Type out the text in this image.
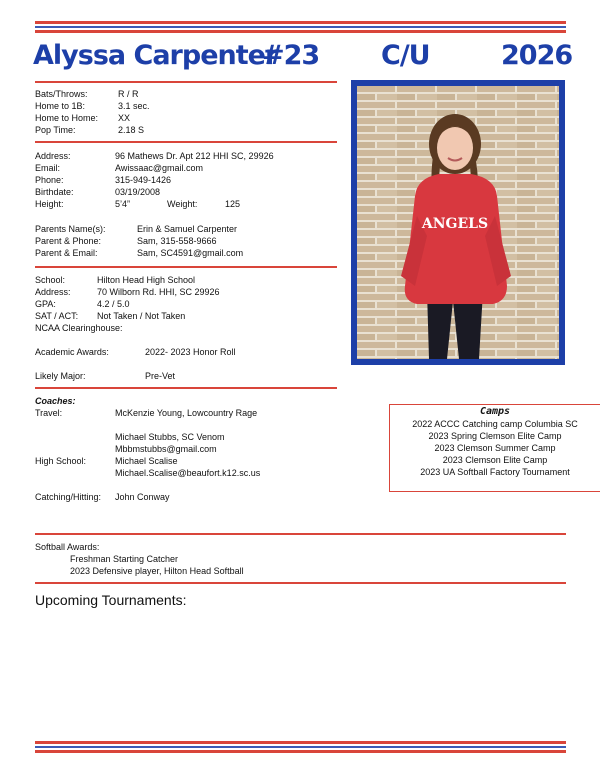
Alyssa Carpenter
#23 C/U	2026
Bats/Throws:	R / R
Home to 1B:	3.1 sec.
Home to Home: XX
Pop Time:	2.18 S
Address:	96 Mathews Dr. Apt 212 HHI SC, 29926
Email:	Awissaac@gmail.com
Phone:	315-949-1426
Birthdate:	03/19/2008
Height:	5’4”	Weight:	125
Parents Name(s):	Erin & Samuel Carpenter
Parent & Phone:	Sam, 315-558-9666
Parent & Email:	Sam, SC4591@gmail.com
School:	Hilton Head High School
Address:	70 Wilborn Rd. HHI, SC 29926
GPA:	4.2 / 5.0
SAT / ACT: Not Taken / Not Taken
NCAA Clearinghouse:
Academic Awards:	2022- 2023 Honor Roll
Likely Major:	Pre-Vet
Coaches:
Travel:	McKenzie Young, Lowcountry Rage
Michael Stubbs, SC Venom
Mbbmstubbs@gmail.com
High School:	Michael Scalise
Michael.Scalise@beaufort.k12.sc.us
Catching/Hitting: John Conway
Softball Awards:
Freshman Starting Catcher
2023 Defensive player, Hilton Head Softball
Upcoming Tournaments:
ANGELS
Camps
2022 ACCC Catching camp Columbia SC
2023 Spring Clemson Elite Camp
2023 Clemson Summer Camp
2023 Clemson Elite Camp
2023 UA Softball Factory Tournament
